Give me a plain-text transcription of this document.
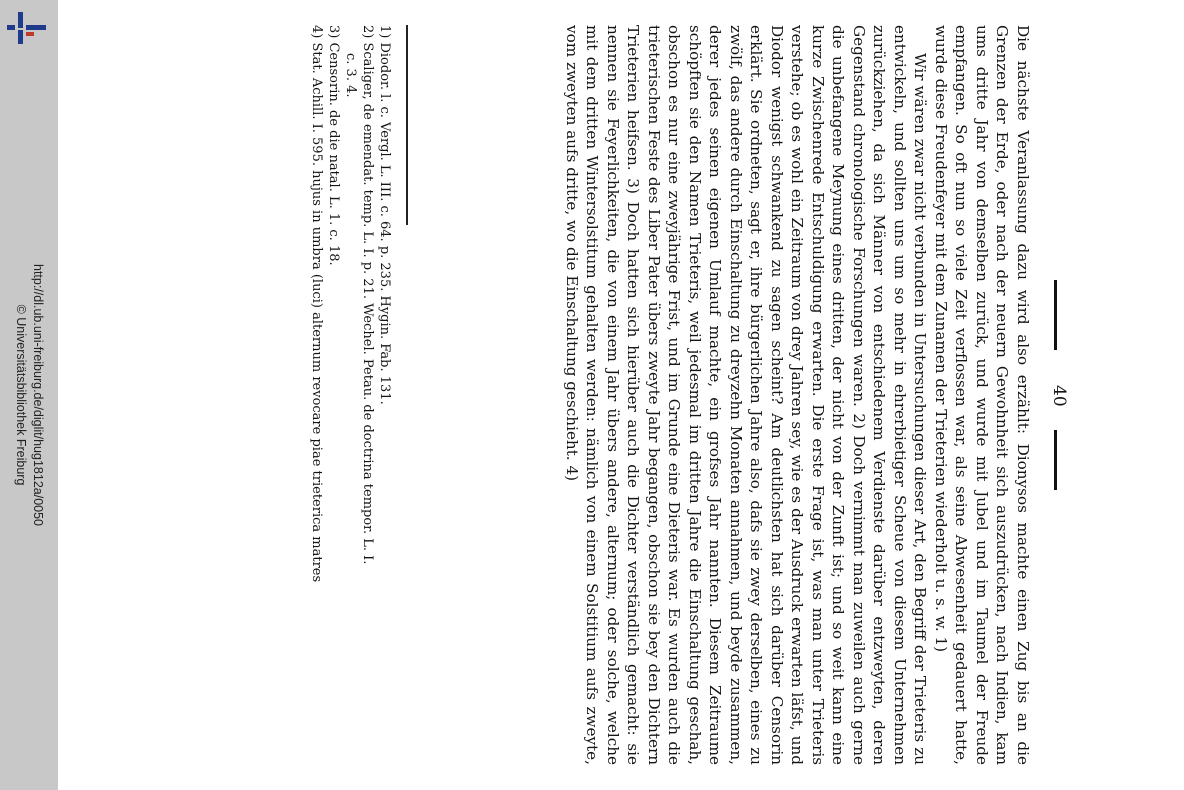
http://dl.ub.uni-freiburg.de/diglit/hug1812a/0050
© Universitätsbibliothek Freiburg	40

Die nächste Veranlassung dazu wird also erzählt: Dionysos machte einen Zug bis an die Grenzen der Erde, oder nach der neuern Gewohnheit sich auszudrücken, nach Indien, kam ums dritte Jahr von demselben zurück, und wurde mit Jubel und im Taumel der Freude empfangen. So oft nun so viele Zeit verflossen war, als seine Abwesenheit gedauert hatte, wurde diese Freudenfeyer mit dem Zunamen der Trieterien wiederholt u. s. w. 1)

Wir wären zwar nicht verbunden in Untersuchungen dieser Art, den Begriff der Trieteris zu entwickeln, und sollten uns um so mehr in ehrerbietiger Scheue von diesem Unternehmen zurückziehen, da sich Männer von entschiedenem Verdienste darüber entzweyten, deren Gegenstand chronologische Forschungen waren. 2) Doch vernimmt man zuweilen auch gerne die unbefangene Meynung eines dritten, der nicht von der Zunft ist; und so weit kann eine kurze Zwischenrede Entschuldigung erwarten. Die erste Frage ist, was man unter Trieteris verstehe; ob es wohl ein Zeitraum von drey Jahren sey, wie es der Ausdruck erwarten läfst, und Diodor wenigst schwankend zu sagen scheint? Am deutlichsten hat sich darüber Censorin erklärt. Sie ordneten, sagt er, ihre bürgerlichen Jahre also, dafs sie zwey derselben, eines zu zwölf, das andere durch Einschaltung zu dreyzehn Monaten annahmen, und beyde zusammen, derer jedes seinen eigenen Umlauf machte, ein grofses Jahr nannten. Diesem Zeitraume schöpften sie den Namen Trieteris, weil jedesmal im dritten Jahre die Einschaltung geschah, obschon es nur eine zweyjährige Frist, und im Grunde eine Dieteris war. Es wurden auch die trieterischen Feste des Liber Pater übers zweyte Jahr begangen, obschon sie bey den Dichtern Trieterien heifsen. 3) Doch hatten sich hierüber auch die Dichter verständlich gemacht: sie nennen sie Feyerlichkeiten, die von einem Jahr übers andere, alternum; oder solche, welche mit dem dritten Wintersolstitum gehalten werden: nämlich von einem Solstitium aufs zweyte, vom zweyten aufs dritte, wo die Einschaltung geschieht. 4)

1) Diodor. l. c. Vergl. L. III. c. 64. p. 235. Hygin. Fab. 131.
2) Scaliger, de emendat. temp. L. I. p. 21. Wechel. Petau. de doctrina tempor. L. I.
c. 3. 4.
3) Censorin. de die natal. L. 1. c. 18.
4) Stat. Achill. I. 595. hujus in umbra (luci) alternum revocare piae trieterica matres
